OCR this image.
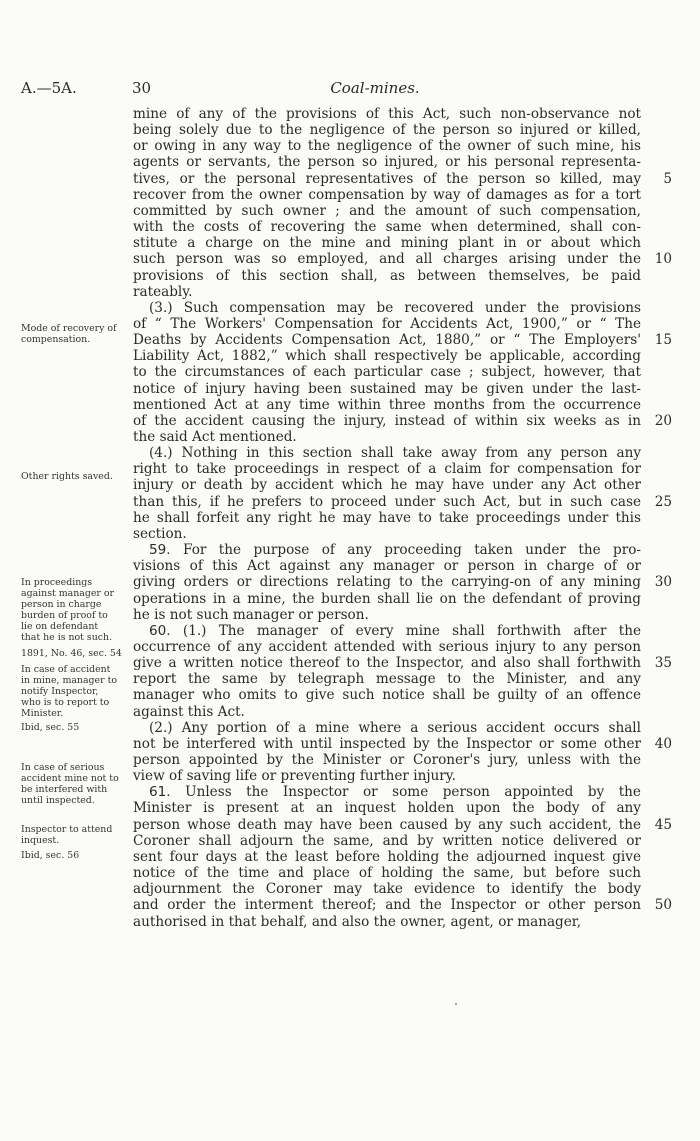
A.—5A.	30	Coal-mines.
mine of any of the provisions of this Act, such non-observance not
being solely due to the negligence of the person so injured or killed,
or owing in any way to the negligence of the owner of such mine, his
agents or servants, the person so injured, or his personal representa-
tives, or the personal representatives of the person so killed, may
recover from the owner compensation by way of damages as for a tort
committed by such owner ; and the amount of such compensation,
with the costs of recovering the same when determined, shall con-
stitute a charge on the mine and mining plant in or about which
such person was so employed, and all charges arising under the
provisions of this section shall, as between themselves, be paid
rateably.
(3.) Such compensation may be recovered under the provisions
of “ The Workers' Compensation for Accidents Act, 1900,” or “ The
Deaths by Accidents Compensation Act, 1880,” or “ The Employers'
Liability Act, 1882,” which shall respectively be applicable, according
to the circumstances of each particular case ; subject, however, that
notice of injury having been sustained may be given under the last-
mentioned Act at any time within three months from the occurrence
of the accident causing the injury, instead of within six weeks as in
the said Act mentioned.
(4.) Nothing in this section shall take away from any person any
right to take proceedings in respect of a claim for compensation for
injury or death by accident which he may have under any Act other
than this, if he prefers to proceed under such Act, but in such case
he shall forfeit any right he may have to take proceedings under this
section.
59. For the purpose of any proceeding taken under the pro-
visions of this Act against any manager or person in charge of or
giving orders or directions relating to the carrying-on of any mining
operations in a mine, the burden shall lie on the defendant of proving
he is not such manager or person.
60. (1.) The manager of every mine shall forthwith after the
occurrence of any accident attended with serious injury to any person
give a written notice thereof to the Inspector, and also shall forthwith
report the same by telegraph message to the Minister, and any
manager who omits to give such notice shall be guilty of an offence
against this Act.
(2.) Any portion of a mine where a serious accident occurs shall
not be interfered with until inspected by the Inspector or some other
person appointed by the Minister or Coroner's jury, unless with the
view of saving life or preventing further injury.
61. Unless the Inspector or some person appointed by the
Minister is present at an inquest holden upon the body of any
person whose death may have been caused by any such accident, the
Coroner shall adjourn the same, and by written notice delivered or
sent four days at the least before holding the adjourned inquest give
notice of the time and place of holding the same, but before such
adjournment the Coroner may take evidence to identify the body
and order the interment thereof; and the Inspector or other person
authorised in that behalf, and also the owner, agent, or manager,
5
10
15
20
25
30
35
40
45
50
Mode of recovery of
compensation.
Other rights saved.
In proceedings
against manager or
person in charge
burden of proof to
lie on defendant
that he is not such.
1891, No. 46, sec. 54
In case of accident
in mine, manager to
notify Inspector,
who is to report to
Minister.
Ibid, sec. 55
In case of serious
accident mine not to
be interfered with
until inspected.
Inspector to attend
inquest.
Ibid, sec. 56
